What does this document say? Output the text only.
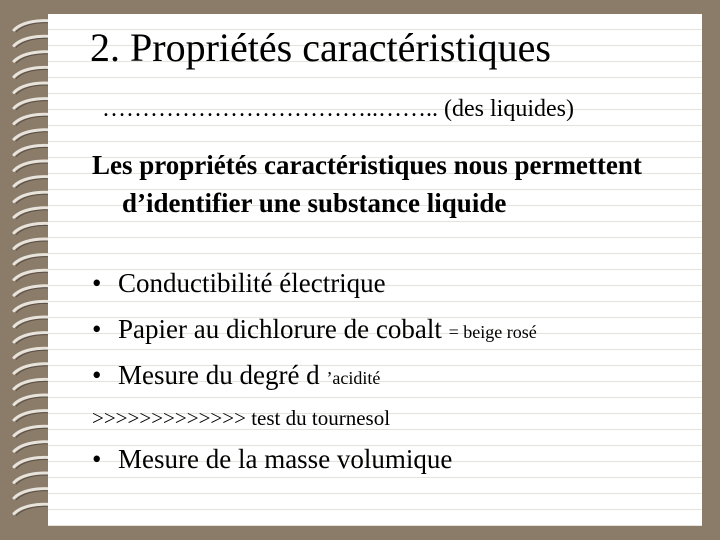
2. Propriétés caractéristiques
……………………………..…….. (des liquides)

Les propriétés caractéristiques nous permettent d’identifier une substance liquide

• Conductibilité électrique
• Papier au dichlorure de cobalt = beige rosé
• Mesure du degré d ’acidité
>>>>>>>>>>>>> test du tournesol
• Mesure de la masse volumique
